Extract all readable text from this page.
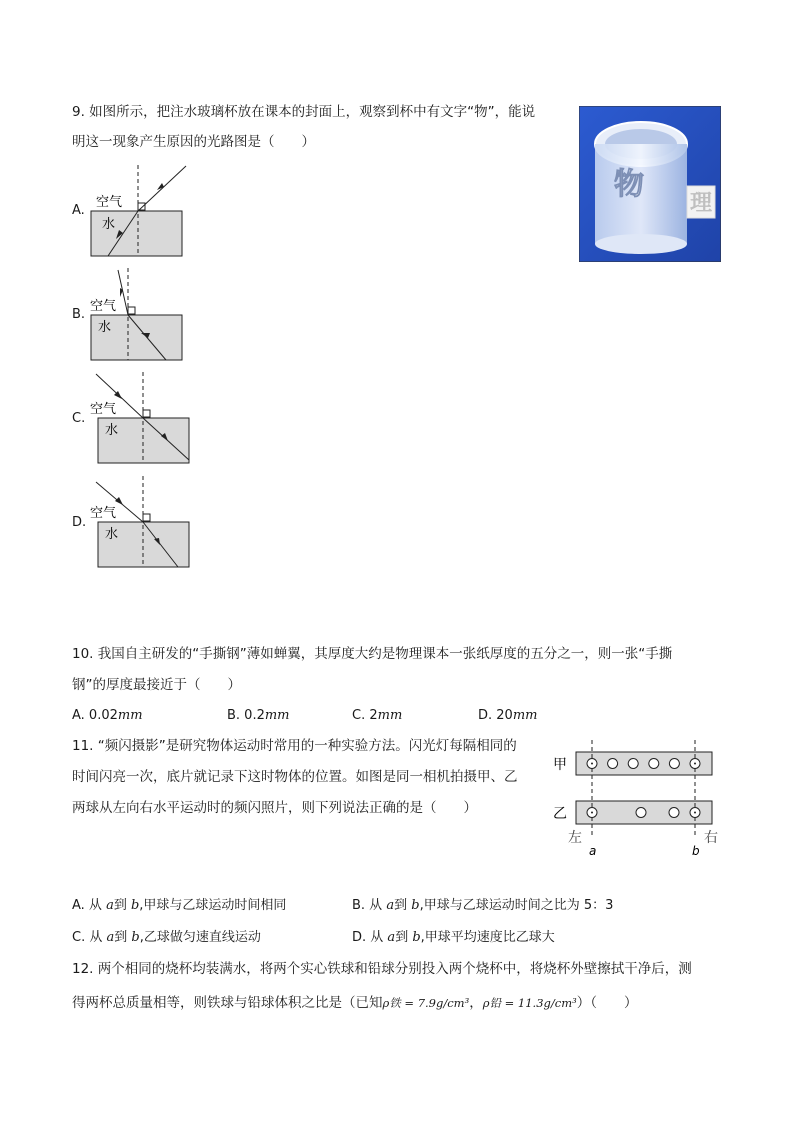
9. 如图所示，把注水玻璃杯放在课本的封面上，观察到杯中有文字“物”，能说
明这一现象产生原因的光路图是（　　）
物
理
A.
空气
水
B.
空气
水
C.
空气
水
D.
空气
水
10. 我国自主研发的“手撕钢”薄如蝉翼，其厚度大约是物理课本一张纸厚度的五分之一，则一张“手撕
钢”的厚度最接近于（　　）
A. 0.02mm	B. 0.2mm	C. 2mm	D. 20mm
11. “频闪摄影”是研究物体运动时常用的一种实验方法。闪光灯每隔相同的
时间闪亮一次，底片就记录下这时物体的位置。如图是同一相机拍摄甲、乙
两球从左向右水平运动时的频闪照片，则下列说法正确的是（　　）
甲
乙
左	右
a	b
A. 从 a到 b,甲球与乙球运动时间相同	B. 从 a到 b,甲球与乙球运动时间之比为 5：3
C. 从 a到 b,乙球做匀速直线运动	D. 从 a到 b,甲球平均速度比乙球大
12. 两个相同的烧杯均装满水，将两个实心铁球和铅球分别投入两个烧杯中，将烧杯外壁擦拭干净后，测
得两杯总质量相等，则铁球与铅球体积之比是（已知ρ铁 = 7.9g/cm³，ρ铅 = 11.3g/cm³）（　　）
